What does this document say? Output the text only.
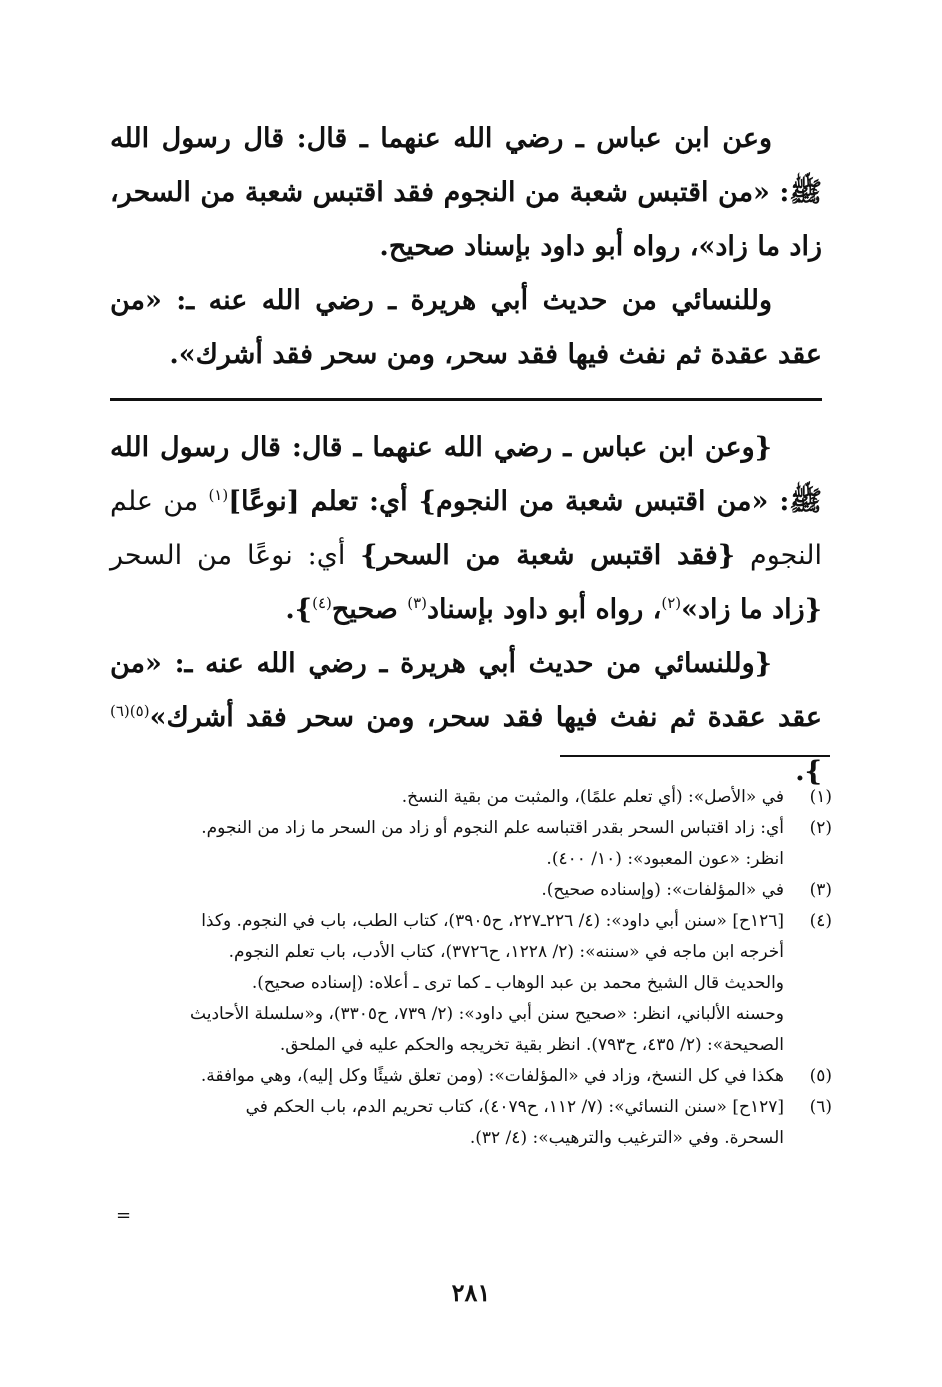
وعن ابن عباس ـ رضي الله عنهما ـ قال: قال رسول الله ﷺ: «من اقتبس شعبة من النجوم فقد اقتبس شعبة من السحر، زاد ما زاد»، رواه أبو داود بإسناد صحيح.

وللنسائي من حديث أبي هريرة ـ رضي الله عنه ـ: «من عقد عقدة ثم نفث فيها فقد سحر، ومن سحر فقد أشرك».

{وعن ابن عباس ـ رضي الله عنهما ـ قال: قال رسول الله ﷺ: «من اقتبس شعبة من النجوم} أي: تعلم [نوعًا]$^{(١)}$ من علم النجوم {فقد اقتبس شعبة من السحر} أي: نوعًا من السحر {زاد ما زاد»$^{(٢)}$، رواه أبو داود بإسناد$^{(٣)}$ صحيح$^{(٤)}$}.

{وللنسائي من حديث أبي هريرة ـ رضي الله عنه ـ: «من عقد عقدة ثم نفث فيها فقد سحر، ومن سحر فقد أشرك»$^{(٥)(٦)}$ }.

(١)
في «الأصل»: (أي تعلم علمًا)، والمثبت من بقية النسخ.
(٢)
أي: زاد اقتباس السحر بقدر اقتباسه علم النجوم أو زاد من السحر ما زاد من النجوم.
انظر: «عون المعبود»: (١٠/ ٤٠٠).
(٣)
في «المؤلفات»: (وإسناده صحيح).
(٤)
[١٢٦ح] «سنن أبي داود»: (٤/ ٢٢٦ـ٢٢٧، ح٣٩٠٥)، كتاب الطب، باب في النجوم. وكذا
أخرجه ابن ماجه في «سننه»: (٢/ ١٢٢٨، ح٣٧٢٦)، كتاب الأدب، باب تعلم النجوم.
والحديث قال الشيخ محمد بن عبد الوهاب ـ كما ترى ـ أعلاه: (إسناده صحيح).
وحسنه الألباني، انظر: «صحيح سنن أبي داود»: (٢/ ٧٣٩، ح٣٣٠٥)، و«سلسلة الأحاديث
الصحيحة»: (٢/ ٤٣٥، ح٧٩٣). انظر بقية تخريجه والحكم عليه في الملحق.
(٥)
هكذا في كل النسخ، وزاد في «المؤلفات»: (ومن تعلق شيئًا وكل إليه)، وهي موافقة.
(٦)
[١٢٧ح] «سنن النسائي»: (٧/ ١١٢، ح٤٠٧٩)، كتاب تحريم الدم، باب الحكم في
السحرة. وفي «الترغيب والترهيب»: (٤/ ٣٢).
=
٢٨١
